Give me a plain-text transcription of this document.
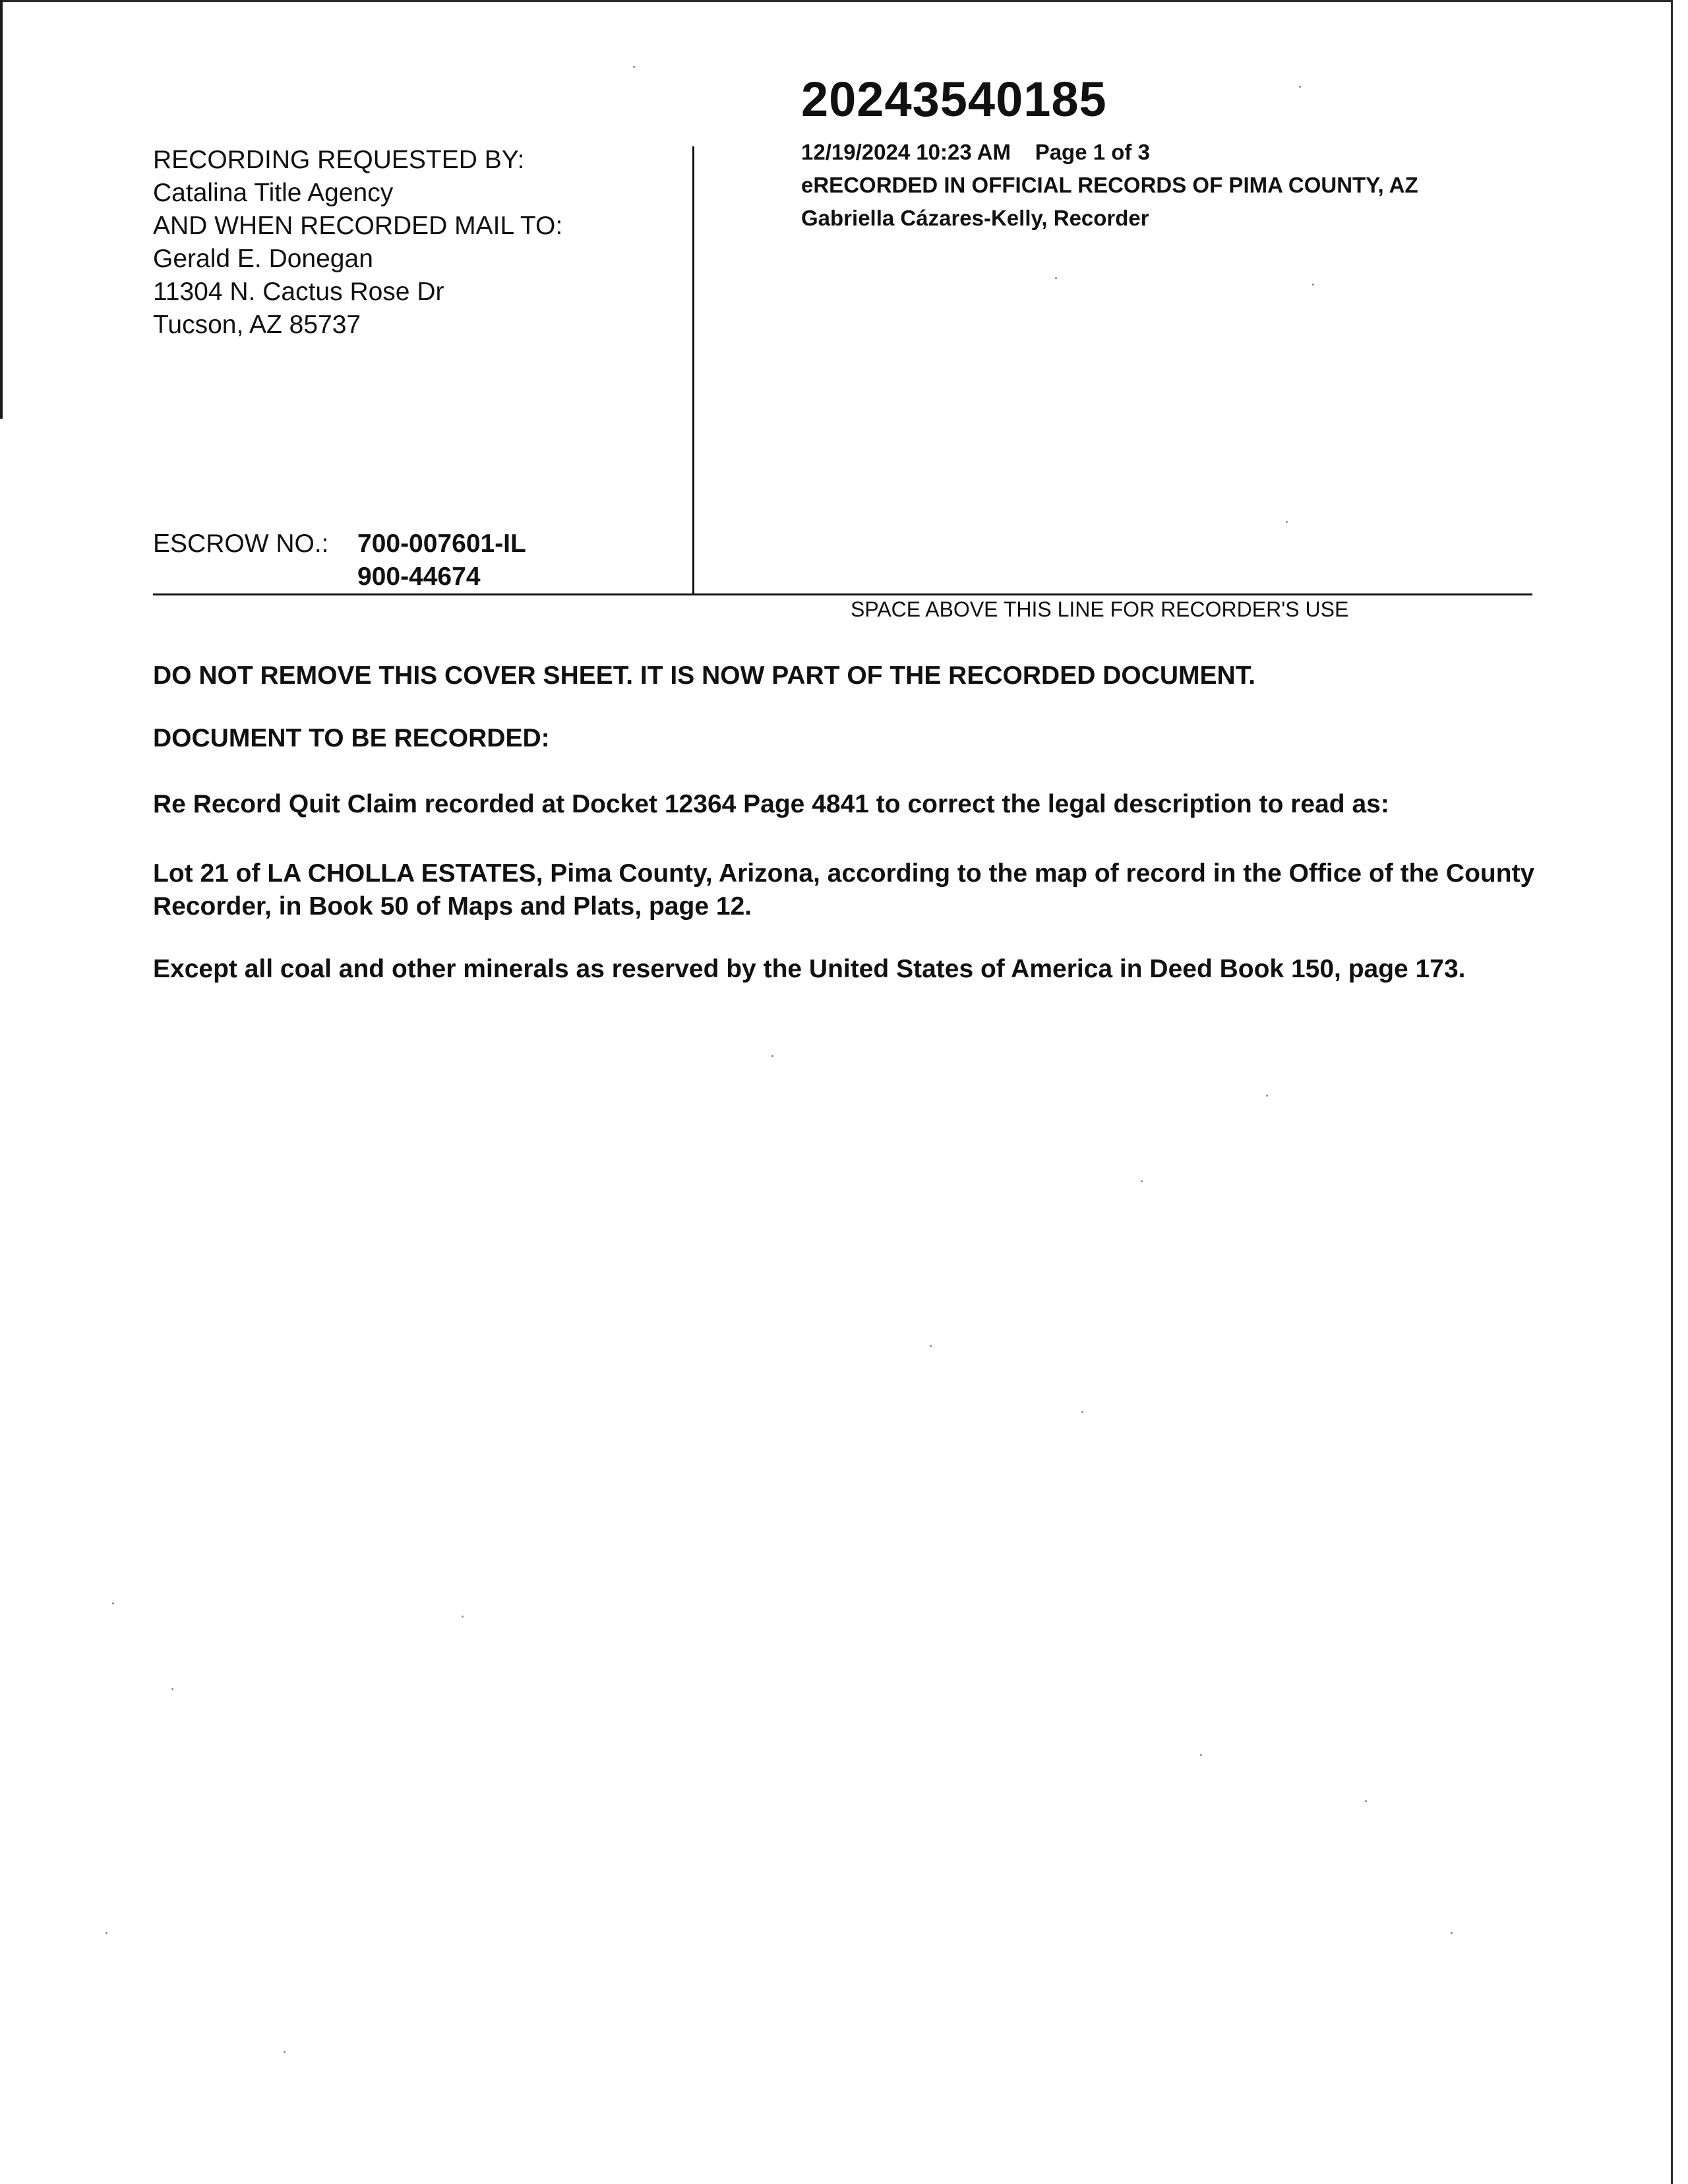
RECORDING REQUESTED BY:
Catalina Title Agency
AND WHEN RECORDED MAIL TO:
Gerald E. Donegan
11304 N. Cactus Rose Dr
Tucson, AZ 85737
ESCROW NO.: 700-007601-IL
900-44674
20243540185
12/19/2024 10:23 AM Page 1 of 3
eRECORDED IN OFFICIAL RECORDS OF PIMA COUNTY, AZ
Gabriella Cázares-Kelly, Recorder
SPACE ABOVE THIS LINE FOR RECORDER'S USE
DO NOT REMOVE THIS COVER SHEET. IT IS NOW PART OF THE RECORDED DOCUMENT.
DOCUMENT TO BE RECORDED:
Re Record Quit Claim recorded at Docket 12364 Page 4841 to correct the legal description to read as:
Lot 21 of LA CHOLLA ESTATES, Pima County, Arizona, according to the map of record in the Office of the County Recorder, in Book 50 of Maps and Plats, page 12.
Except all coal and other minerals as reserved by the United States of America in Deed Book 150, page 173.
